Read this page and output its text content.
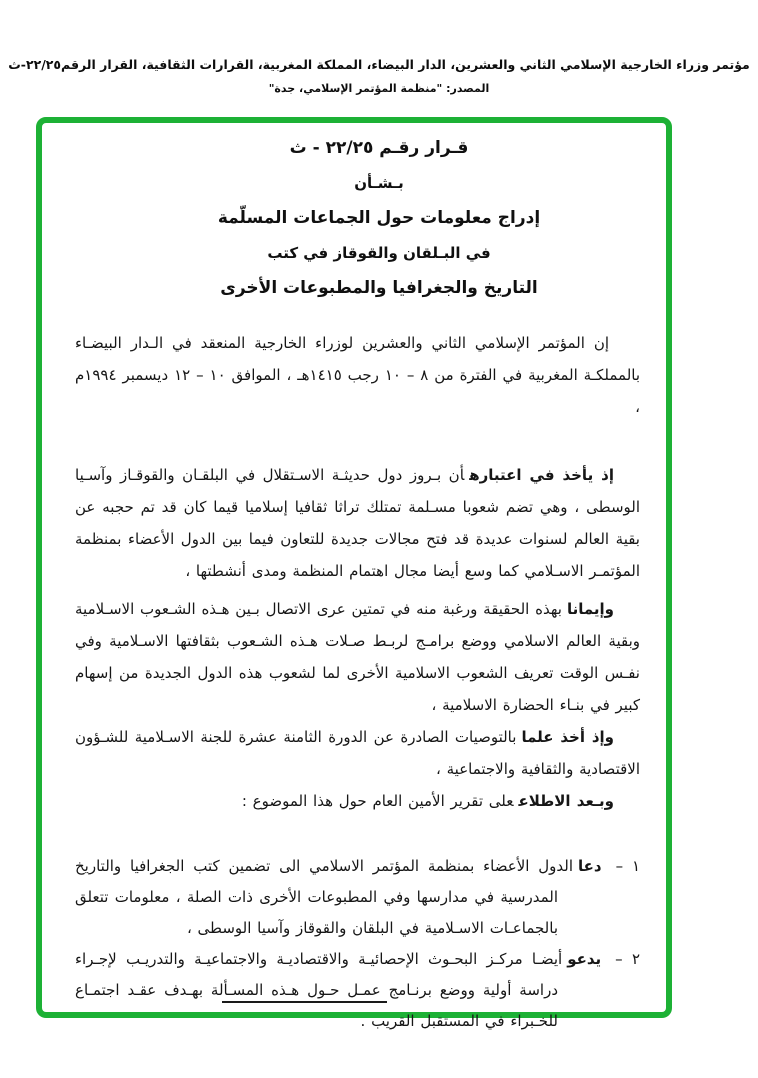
مؤتمر وزراء الخارجية الإسلامي الثاني والعشرين، الدار البيضاء، المملكة المغربية، القرارات الثقافية، القرار الرقم٢٢/٢٥-ث
المصدر: "منظمة المؤتمر الإسلامي، جدة"
قـرار رقـم ٢٢/٢٥ - ث
بـشـأن
إدراج معلومات حول الجماعات المسلّمة
في البـلقان والقوقاز في كتب
التاريخ والجغرافيا والمطبوعات الأخرى

إن المؤتمر الإسلامي الثاني والعشرين لوزراء الخارجية المنعقد في الـدار البيضـاء بالمملكـة المغربية في الفترة من ٨ – ١٠ رجب ١٤١٥هـ ، الموافق ١٠ – ١٢ ديسمبر ١٩٩٤م ،

إذ يأخذ في اعتبارهأن بـروز دول حديثـة الاسـتقلال في البلقـان والقوقـاز وآسـيا الوسطى ، وهي تضم شعوبا مسـلمة تمتلك تراثا ثقافيا إسلاميا قيما كان قد تم حجبه عن بقية العالم لسنوات عديدة قد فتح مجالات جديدة للتعاون فيما بين الدول الأعضاء بمنظمة المؤتمـر الاسـلامي كما وسع أيضا مجال اهتمام المنظمة ومدى أنشطتها ،

وإيمانابهذه الحقيقة ورغبة منه في تمتين عرى الاتصال بـين هـذه الشـعوب الاسـلامية وبقية العالم الاسلامي ووضع برامـج لربـط صـلات هـذه الشـعوب بثقافتها الاسـلامية وفي نفـس الوقت تعريف الشعوب الاسلامية الأخرى لما لشعوب هذه الدول الجديدة من إسهام كبير في بنـاء الحضارة الاسلامية ،

وإذ أخذ علمابالتوصيات الصادرة عن الدورة الثامنة عشرة للجنة الاسـلامية للشـؤون الاقتصادية والثقافية والاجتماعية ،

وبـعد الاطلاععلى تقرير الأمين العام حول هذا الموضوع :

١ –دعاالدول الأعضاء بمنظمة المؤتمر الاسلامي الى تضمين كتب الجغرافيا والتاريخ المدرسية في مدارسها وفي المطبوعات الأخرى ذات الصلة ، معلومات تتعلق بالجماعـات الاسـلامية في البلقان والقوقاز وآسيا الوسطى ،

٢ –يدعوأيضـا مركـز البحـوث الإحصائيـة والاقتصاديـة والاجتماعيـة والتدريـب لإجـراء دراسة أولية ووضع برنـامج عمـل حـول هـذه المسـألة بهـدف عقـد اجتمـاع للخـبراء في المستقبل القريب .
